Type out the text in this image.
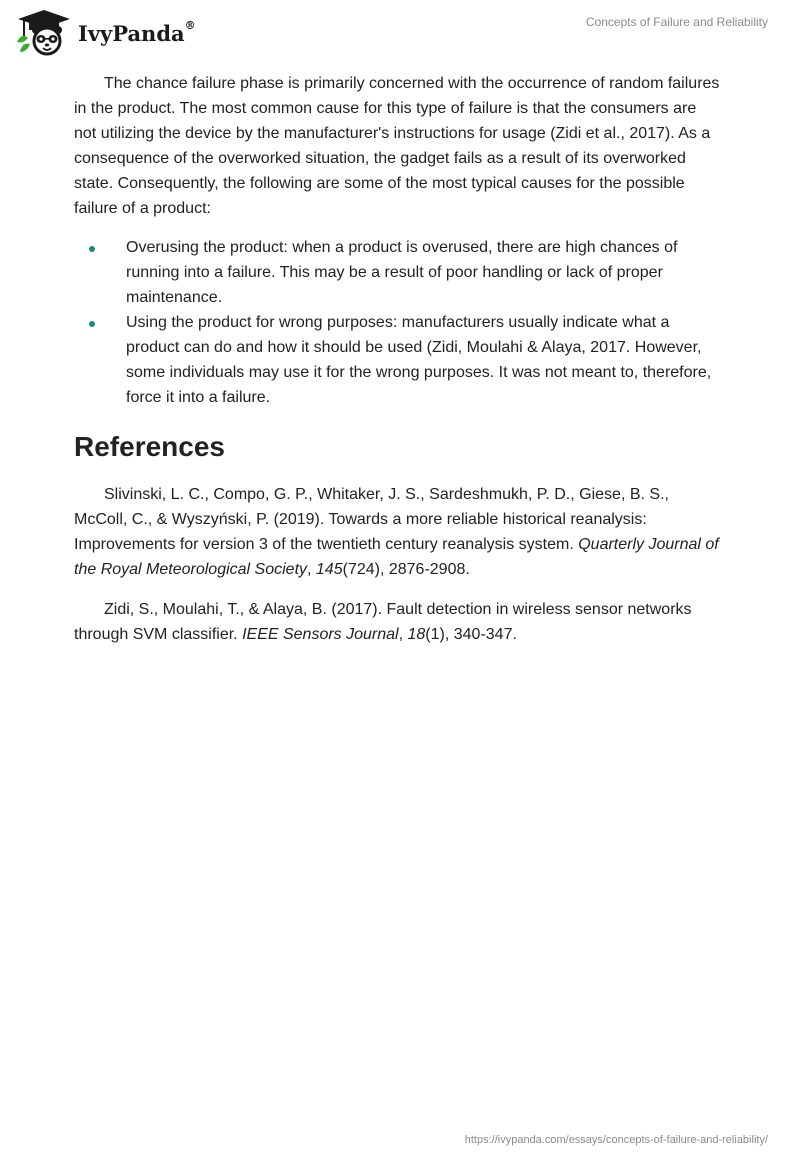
IvyPanda®	Concepts of Failure and Reliability

The chance failure phase is primarily concerned with the occurrence of random failures in the product. The most common cause for this type of failure is that the consumers are not utilizing the device by the manufacturer's instructions for usage (Zidi et al., 2017). As a consequence of the overworked situation, the gadget fails as a result of its overworked state. Consequently, the following are some of the most typical causes for the possible failure of a product:

Overusing the product: when a product is overused, there are high chances of running into a failure. This may be a result of poor handling or lack of proper maintenance.
Using the product for wrong purposes: manufacturers usually indicate what a product can do and how it should be used (Zidi, Moulahi & Alaya, 2017. However, some individuals may use it for the wrong purposes. It was not meant to, therefore, force it into a failure.
References

Slivinski, L. C., Compo, G. P., Whitaker, J. S., Sardeshmukh, P. D., Giese, B. S., McColl, C., & Wyszyński, P. (2019). Towards a more reliable historical reanalysis: Improvements for version 3 of the twentieth century reanalysis system. Quarterly Journal of the Royal Meteorological Society, 145(724), 2876-2908.

Zidi, S., Moulahi, T., & Alaya, B. (2017). Fault detection in wireless sensor networks through SVM classifier. IEEE Sensors Journal, 18(1), 340-347.

https://ivypanda.com/essays/concepts-of-failure-and-reliability/
